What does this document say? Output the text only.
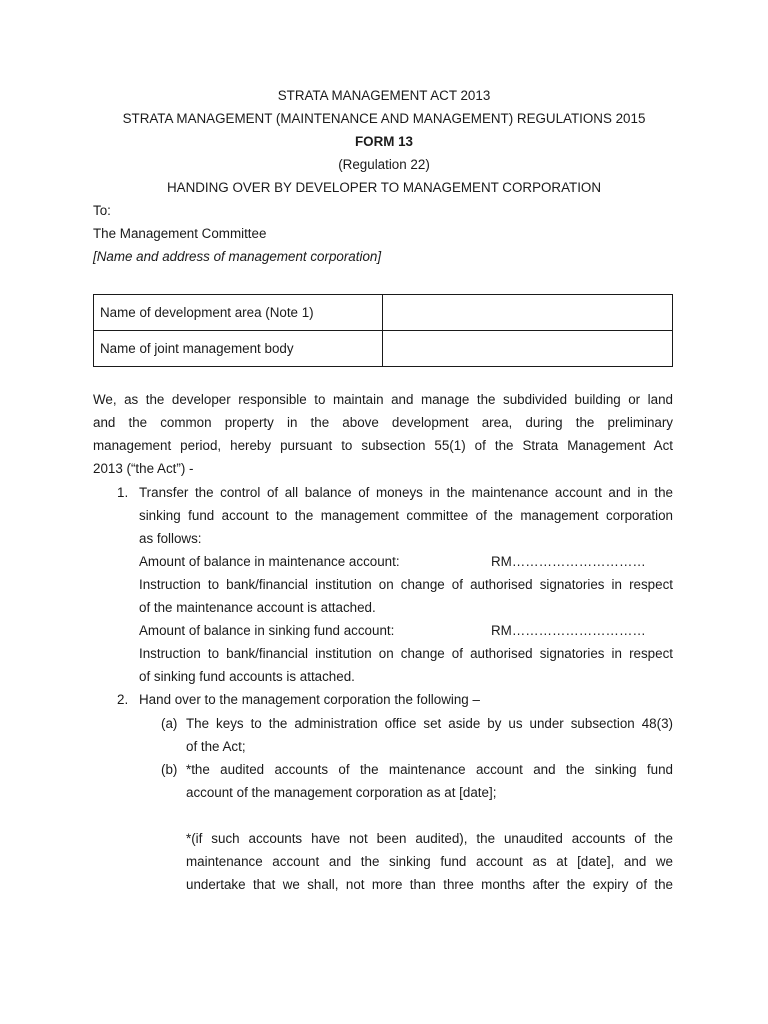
STRATA MANAGEMENT ACT 2013
STRATA MANAGEMENT (MAINTENANCE AND MANAGEMENT) REGULATIONS 2015
FORM 13
(Regulation 22)
HANDING OVER BY DEVELOPER TO MANAGEMENT CORPORATION
To:
The Management Committee
[Name and address of management corporation]
Name of development area (Note 1)	
Name of joint management body	
We, as the developer responsible to maintain and manage the subdivided building or land
and the common property in the above development area, during the preliminary
management period, hereby pursuant to subsection 55(1) of the Strata Management Act
2013 (“the Act”) -
1. Transfer the control of all balance of moneys in the maintenance account and in the
sinking fund account to the management committee of the management corporation
as follows:
Amount of balance in maintenance account:	RM…………………………
Instruction to bank/financial institution on change of authorised signatories in respect
of the maintenance account is attached.
Amount of balance in sinking fund account:	RM…………………………
Instruction to bank/financial institution on change of authorised signatories in respect
of sinking fund accounts is attached.
2. Hand over to the management corporation the following –
(a) The keys to the administration office set aside by us under subsection 48(3)
of the Act;
(b) *the audited accounts of the maintenance account and the sinking fund
account of the management corporation as at [date];
*(if such accounts have not been audited), the unaudited accounts of the
maintenance account and the sinking fund account as at [date], and we
undertake that we shall, not more than three months after the expiry of the
